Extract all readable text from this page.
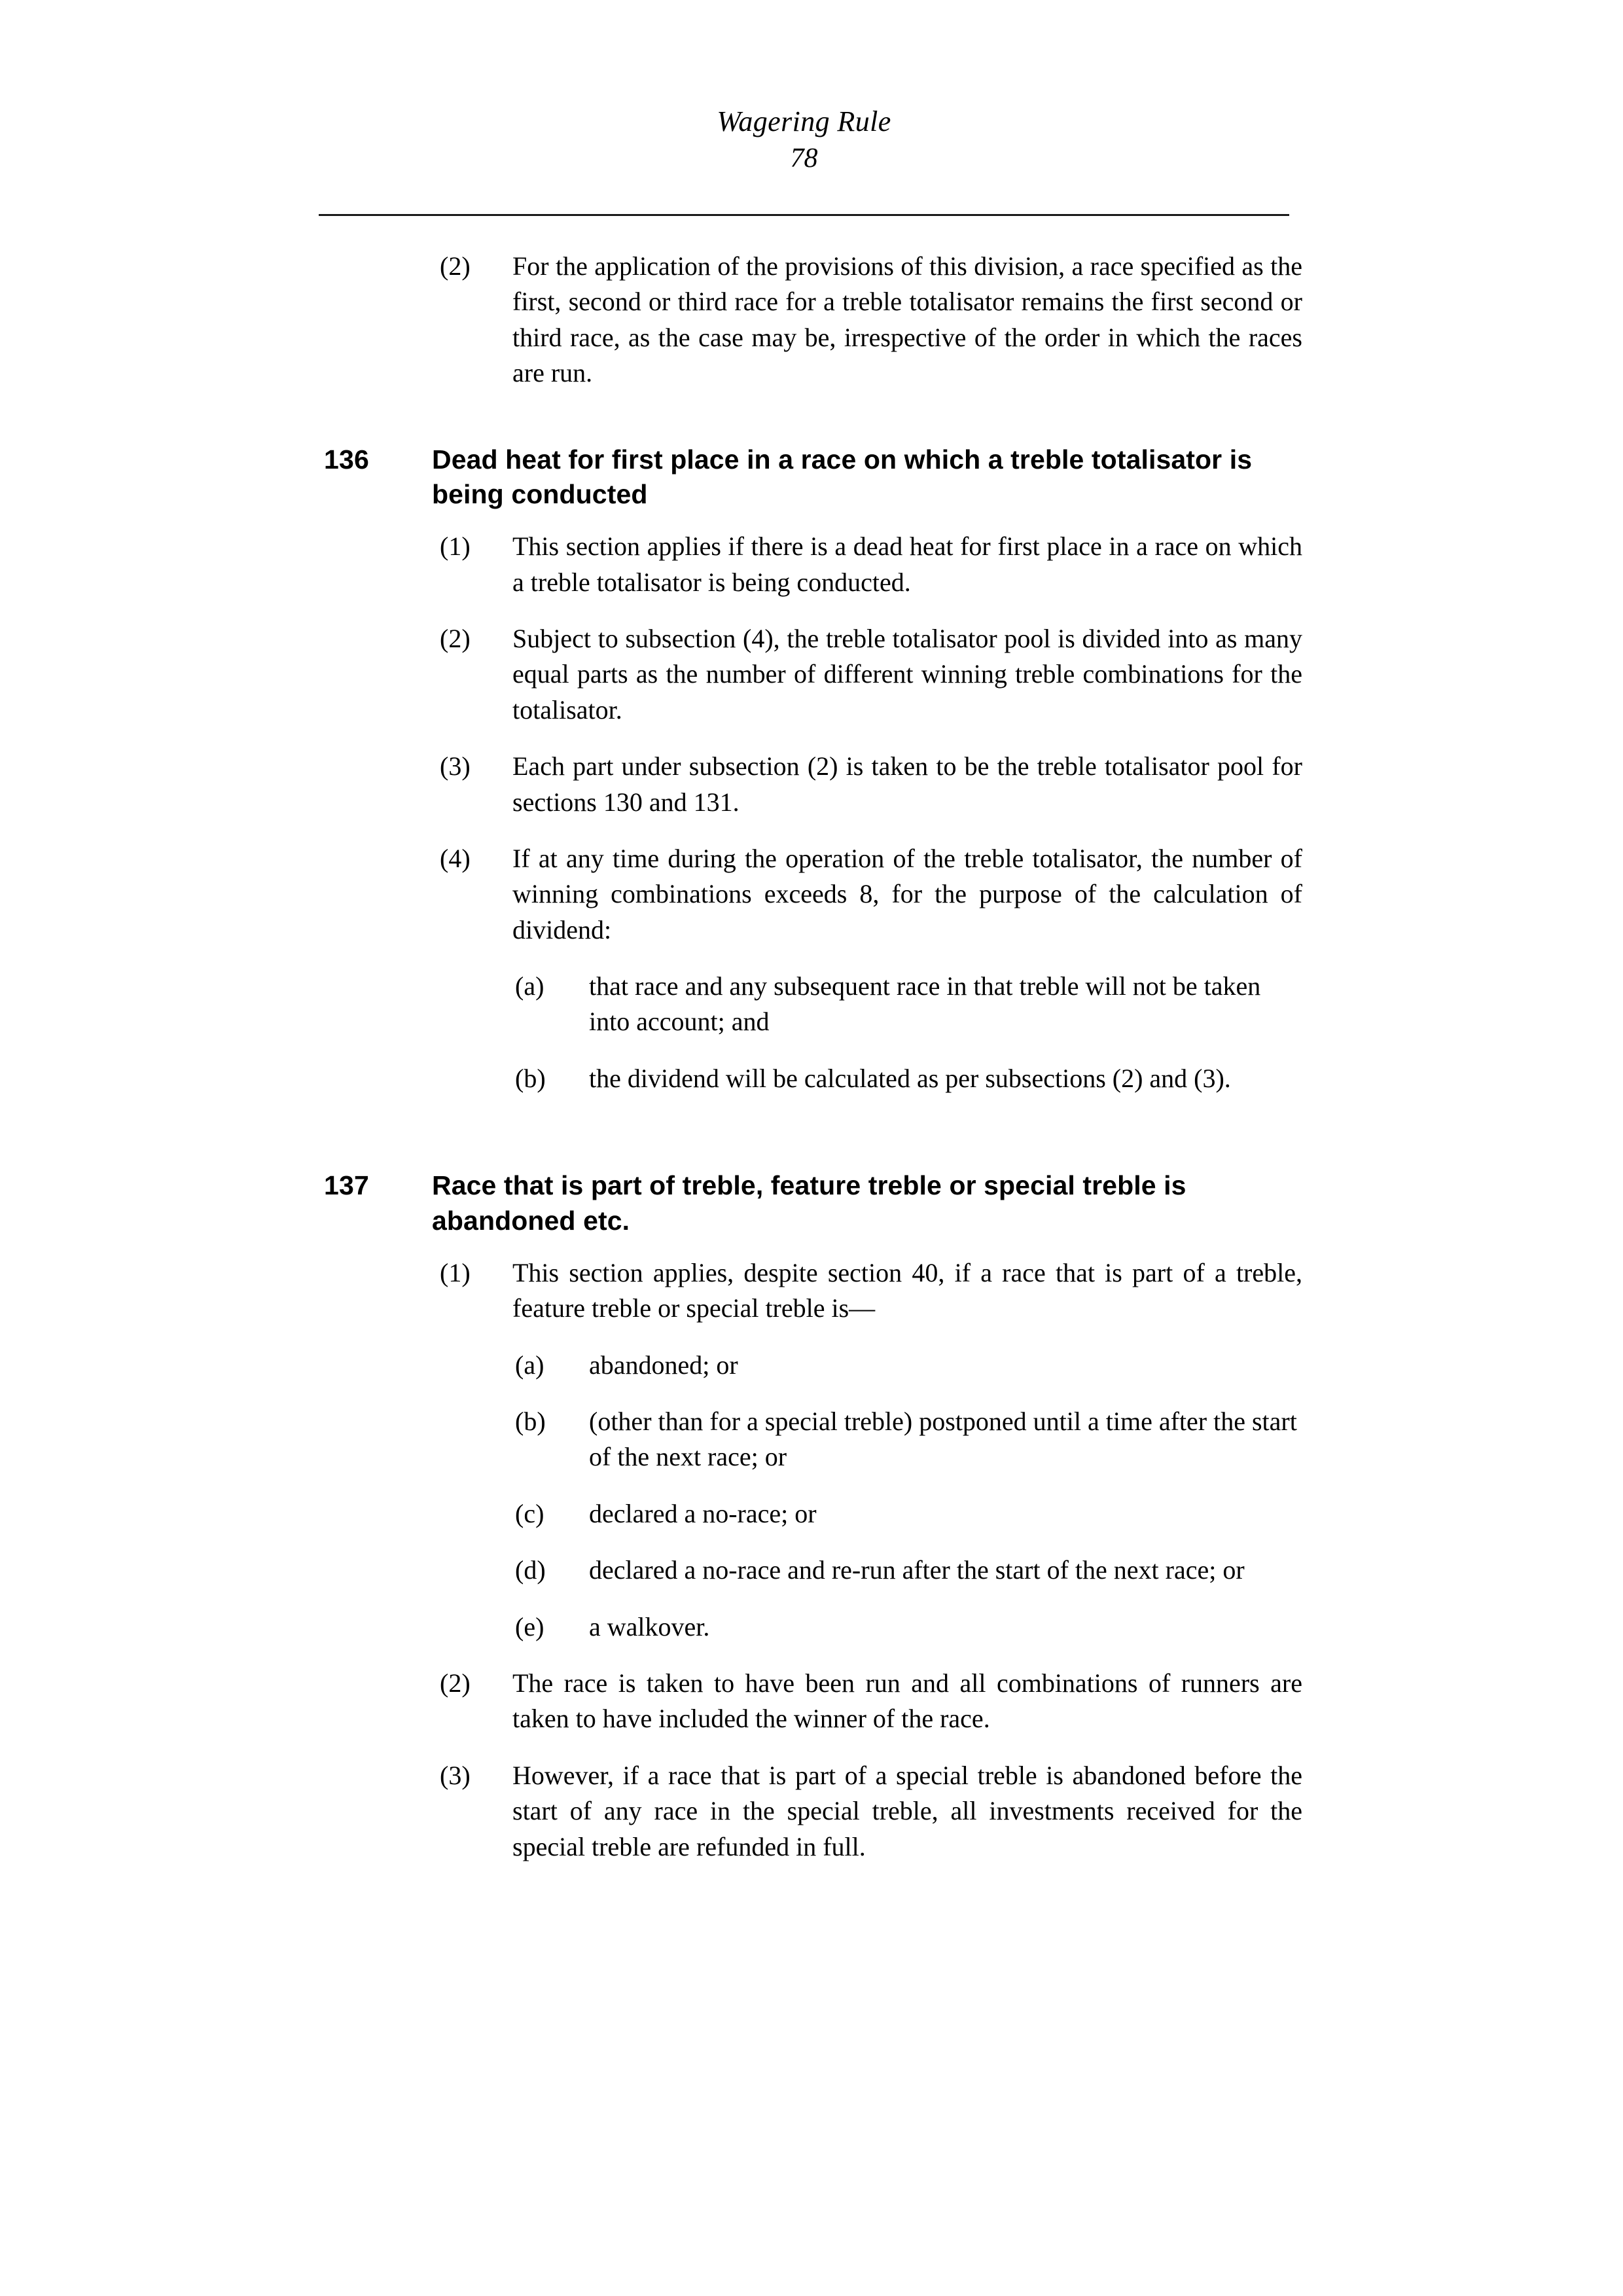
Wagering Rule
78
(2)	For the application of the provisions of this division, a race specified as the first, second or third race for a treble totalisator remains the first second or third race, as the case may be, irrespective of the order in which the races are run.
136	Dead heat for first place in a race on which a treble totalisator is being conducted
(1)	This section applies if there is a dead heat for first place in a race on which a treble totalisator is being conducted.
(2)	Subject to subsection (4), the treble totalisator pool is divided into as many equal parts as the number of different winning treble combinations for the totalisator.
(3)	Each part under subsection (2) is taken to be the treble totalisator pool for sections 130 and 131.
(4)	If at any time during the operation of the treble totalisator, the number of winning combinations exceeds 8, for the purpose of the calculation of dividend:
(a)	that race and any subsequent race in that treble will not be taken into account; and
(b)	the dividend will be calculated as per subsections (2) and (3).
137	Race that is part of treble, feature treble or special treble is abandoned etc.
(1)	This section applies, despite section 40, if a race that is part of a treble, feature treble or special treble is—
(a)	abandoned; or
(b)	(other than for a special treble) postponed until a time after the start of the next race; or
(c)	declared a no-race; or
(d)	declared a no-race and re-run after the start of the next race; or
(e)	a walkover.
(2)	The race is taken to have been run and all combinations of runners are taken to have included the winner of the race.
(3)	However, if a race that is part of a special treble is abandoned before the start of any race in the special treble, all investments received for the special treble are refunded in full.
